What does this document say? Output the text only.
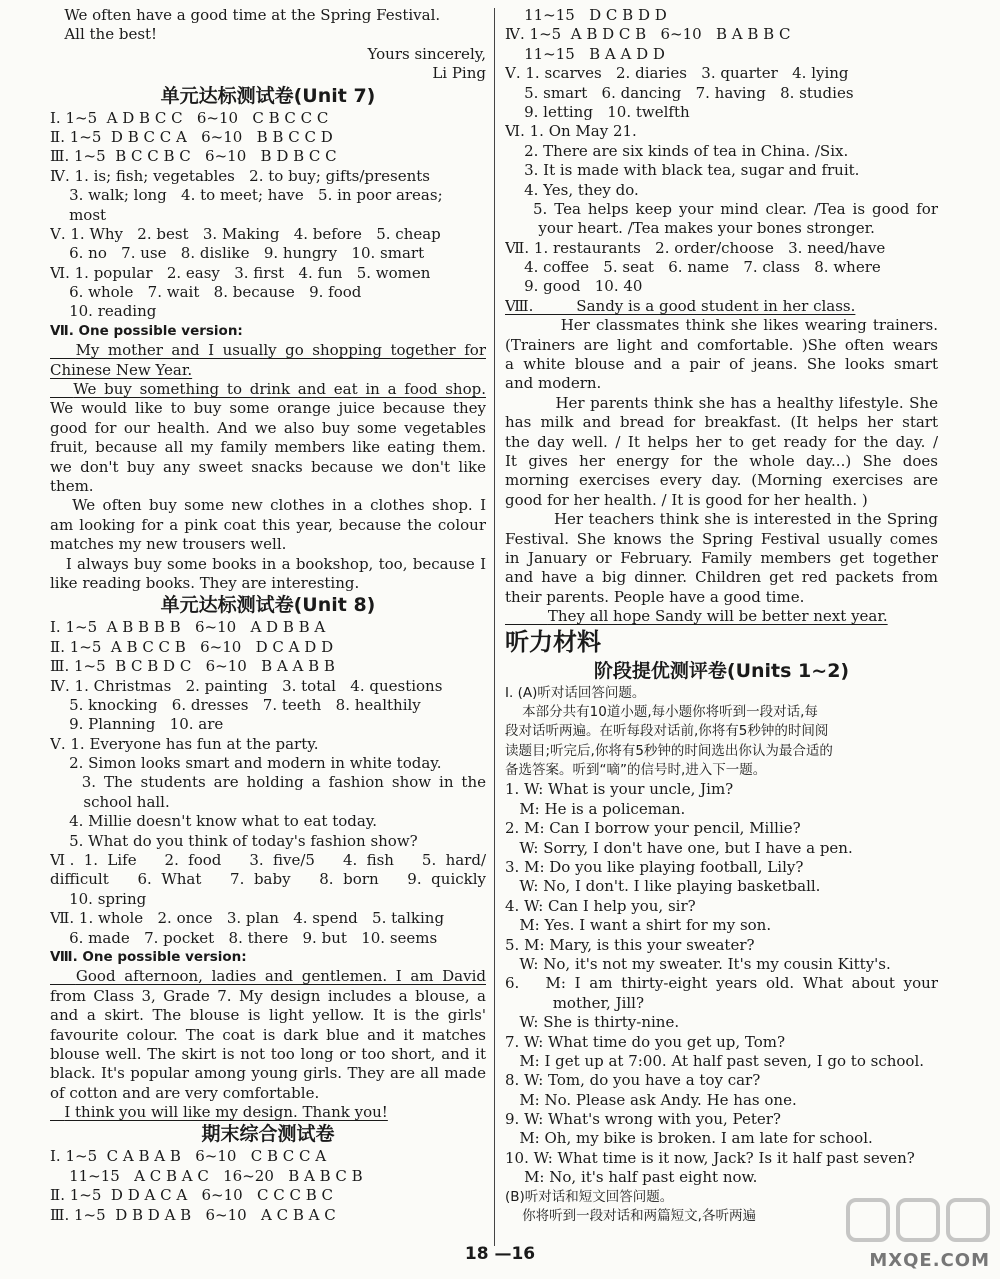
We often have a good time at the Spring Festival.
All the best!
Yours sincerely,
Li Ping
单元达标测试卷(Unit 7)
Ⅰ. 1~5  A D B C C   6~10   C B C C C
Ⅱ. 1~5  D B C C A   6~10   B B C C D
Ⅲ. 1~5  B C C B C   6~10   B D B C C
Ⅳ. 1. is; fish; vegetables   2. to buy; gifts/presents
3. walk; long   4. to meet; have   5. in poor areas;
most
Ⅴ. 1. Why   2. best   3. Making   4. before   5. cheap
6. no   7. use   8. dislike   9. hungry   10. smart
Ⅵ. 1. popular   2. easy   3. first   4. fun   5. women
6. whole   7. wait   8. because   9. food
10. reading
Ⅶ. One possible version:
My mother and I usually go shopping together for
Chinese New Year.
We buy something to drink and eat in a food shop.
We would like to buy some orange juice because they
good for our health. And we also buy some vegetables
fruit, because all my family members like eating them.
we don't buy any sweet snacks because we don't like
them.
We often buy some new clothes in a clothes shop. I
am looking for a pink coat this year, because the colour
matches my new trousers well.
I always buy some books in a bookshop, too, because I
like reading books. They are interesting.
单元达标测试卷(Unit 8)
Ⅰ. 1~5  A B B B B   6~10   A D B B A
Ⅱ. 1~5  A B C C B   6~10   D C A D D
Ⅲ. 1~5  B C B D C   6~10   B A A B B
Ⅳ. 1. Christmas   2. painting   3. total   4. questions
5. knocking   6. dresses   7. teeth   8. healthily
9. Planning   10. are
Ⅴ. 1. Everyone has fun at the party.
2. Simon looks smart and modern in white today.
3. The students are holding a fashion show in the
school hall.
4. Millie doesn't know what to eat today.
5. What do you think of today's fashion show?
Ⅵ. 1. Life   2. food   3. five/5   4. fish   5. hard/
difficult   6. What   7. baby   8. born   9. quickly
10. spring
Ⅶ. 1. whole   2. once   3. plan   4. spend   5. talking
6. made   7. pocket   8. there   9. but   10. seems
Ⅷ. One possible version:
Good afternoon, ladies and gentlemen. I am David
from Class 3, Grade 7. My design includes a blouse, a
and a skirt. The blouse is light yellow. It is the girls'
favourite colour. The coat is dark blue and it matches
blouse well. The skirt is not too long or too short, and it
black. It's popular among young girls. They are all made
of cotton and are very comfortable.
I think you will like my design. Thank you!
期末综合测试卷
Ⅰ. 1~5  C A B A B   6~10   C B C C A
11~15   A C B A C   16~20   B A B C B
Ⅱ. 1~5  D D A C A   6~10   C C C B C
Ⅲ. 1~5  D B D A B   6~10   A C B A C
11~15   D C B D D
Ⅳ. 1~5  A B D C B   6~10   B A B B C
11~15   B A A D D
Ⅴ. 1. scarves   2. diaries   3. quarter   4. lying
5. smart   6. dancing   7. having   8. studies
9. letting   10. twelfth
Ⅵ. 1. On May 21.
2. There are six kinds of tea in China. /Six.
3. It is made with black tea, sugar and fruit.
4. Yes, they do.
5. Tea helps keep your mind clear. /Tea is good for
your heart. /Tea makes your bones stronger.
Ⅶ. 1. restaurants   2. order/choose   3. need/have
4. coffee   5. seat   6. name   7. class   8. where
9. good   10. 40
Ⅷ.         Sandy is a good student in her class.
Her classmates think she likes wearing trainers.
(Trainers are light and comfortable. )She often wears
a white blouse and a pair of jeans. She looks smart
and modern.
Her parents think she has a healthy lifestyle. She
has milk and bread for breakfast. (It helps her start
the day well. / It helps her to get ready for the day. /
It gives her energy for the whole day...) She does
morning exercises every day. (Morning exercises are
good for her health. / It is good for her health. )
Her teachers think she is interested in the Spring
Festival. She knows the Spring Festival usually comes
in January or February. Family members get together
and have a big dinner. Children get red packets from
their parents. People have a good time.
They all hope Sandy will be better next year.
听力材料
阶段提优测评卷(Units 1~2)
Ⅰ. (A)听对话回答问题。
本部分共有10道小题,每小题你将听到一段对话,每
段对话听两遍。在听每段对话前,你将有5秒钟的时间阅
读题目;听完后,你将有5秒钟的时间选出你认为最合适的
备选答案。听到“嘀”的信号时,进入下一题。
1. W: What is your uncle, Jim?
M: He is a policeman.
2. M: Can I borrow your pencil, Millie?
W: Sorry, I don't have one, but I have a pen.
3. M: Do you like playing football, Lily?
W: No, I don't. I like playing basketball.
4. W: Can I help you, sir?
M: Yes. I want a shirt for my son.
5. M: Mary, is this your sweater?
W: No, it's not my sweater. It's my cousin Kitty's.
6.   M: I am thirty-eight years old. What about your
mother, Jill?
W: She is thirty-nine.
7. W: What time do you get up, Tom?
M: I get up at 7:00. At half past seven, I go to school.
8. W: Tom, do you have a toy car?
M: No. Please ask Andy. He has one.
9. W: What's wrong with you, Peter?
M: Oh, my bike is broken. I am late for school.
10. W: What time is it now, Jack? Is it half past seven?
M: No, it's half past eight now.
(B)听对话和短文回答问题。
你将听到一段对话和两篇短文,各听两遍
18 —16	MXQE.COM
